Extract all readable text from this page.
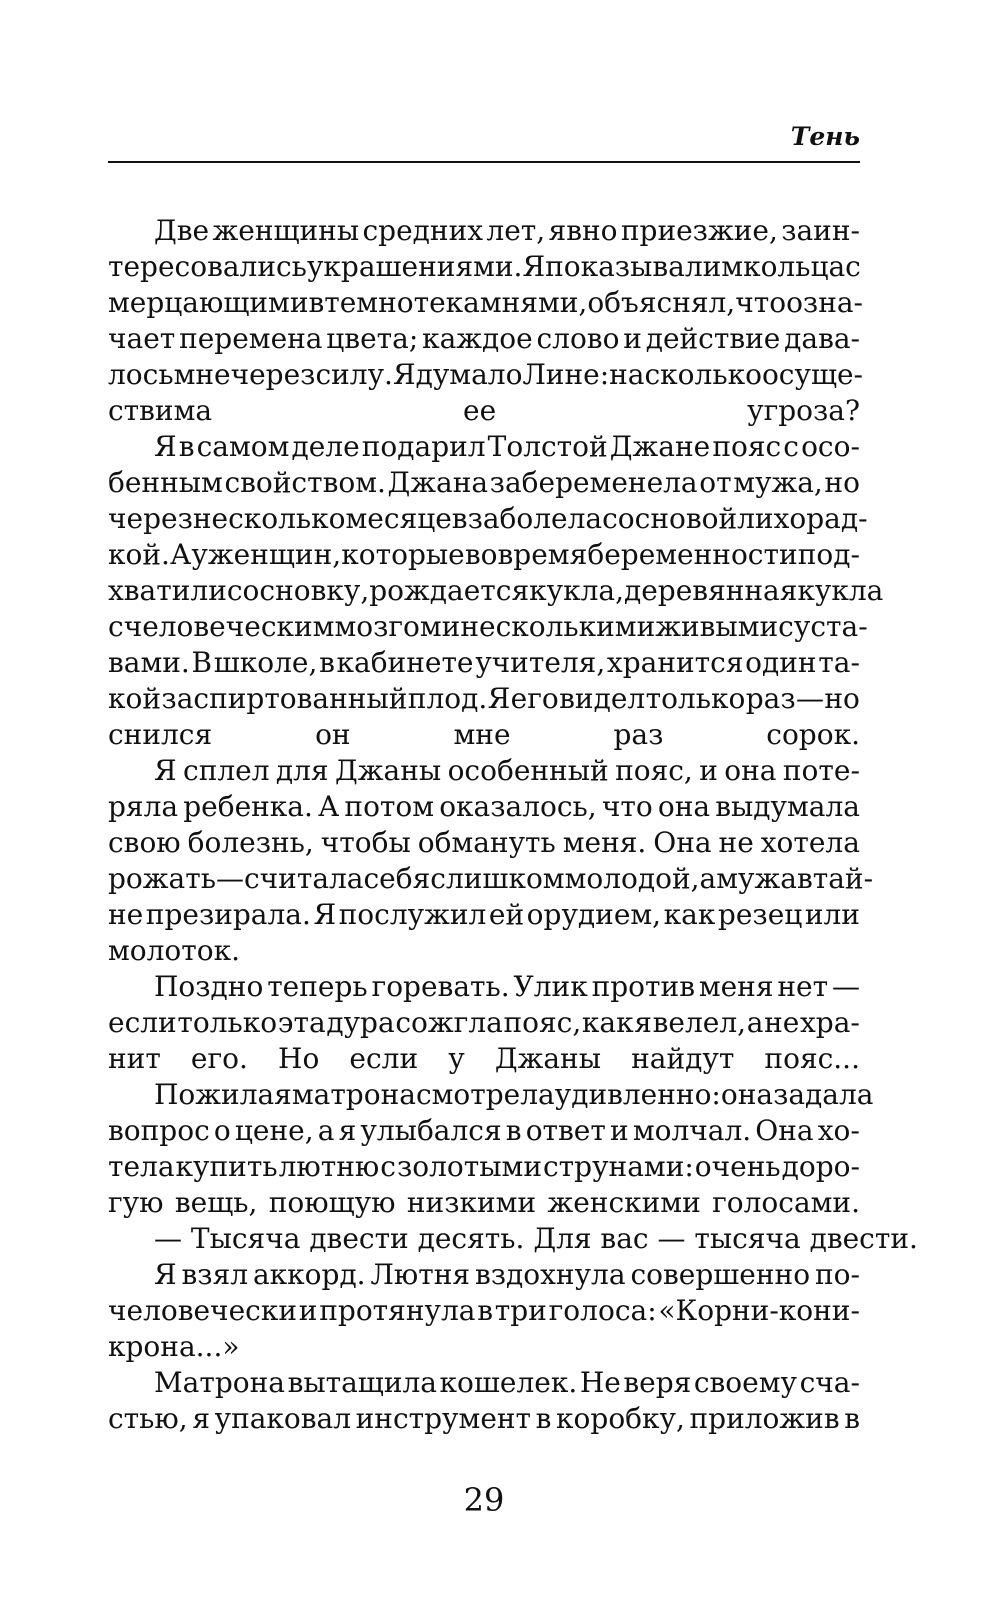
Тень
Две женщины средних лет, явно приезжие, заин-
тересовались украшениями. Я показывал им кольца с
мерцающими в темноте камнями, объяснял, что озна-
чает перемена цвета; каждое слово и действие дава-
лось мне через силу. Я думал о Лине: насколько осуще-
ствима ее угроза?
Я в самом деле подарил Толстой Джане пояс с осо-
бенным свойством. Джана забеременела от мужа, но
через несколько месяцев заболела сосновой лихорад-
кой. А у женщин, которые во время беременности под-
хватили сосновку, рождается кукла, деревянная кукла
с человеческим мозгом и несколькими живыми суста-
вами. В школе, в кабинете учителя, хранится один та-
кой заспиртованный плод. Я его видел только раз — но
снился он мне раз сорок.
Я сплел для Джаны особенный пояс, и она поте-
ряла ребенка. А потом оказалось, что она выдумала
свою болезнь, чтобы обмануть меня. Она не хотела
рожать — считала себя слишком молодой, а мужа втай-
не презирала. Я послужил ей орудием, как резец или
молоток.
Поздно теперь горевать. Улик против меня нет —
если только эта дура сожгла пояс, как я велел, а не хра-
нит его. Но если у Джаны найдут пояс...
Пожилая матрона смотрела удивленно: она задала
вопрос о цене, а я улыбался в ответ и молчал. Она хо-
тела купить лютню с золотыми струнами: очень доро-
гую вещь, поющую низкими женскими голосами.
— Тысяча двести десять. Для вас — тысяча двести.
Я взял аккорд. Лютня вздохнула совершенно по-
человечески и протянула в три голоса: «Корни-кони-
крона...»
Матрона вытащила кошелек. Не веря своему сча-
стью, я упаковал инструмент в коробку, приложив в
29
